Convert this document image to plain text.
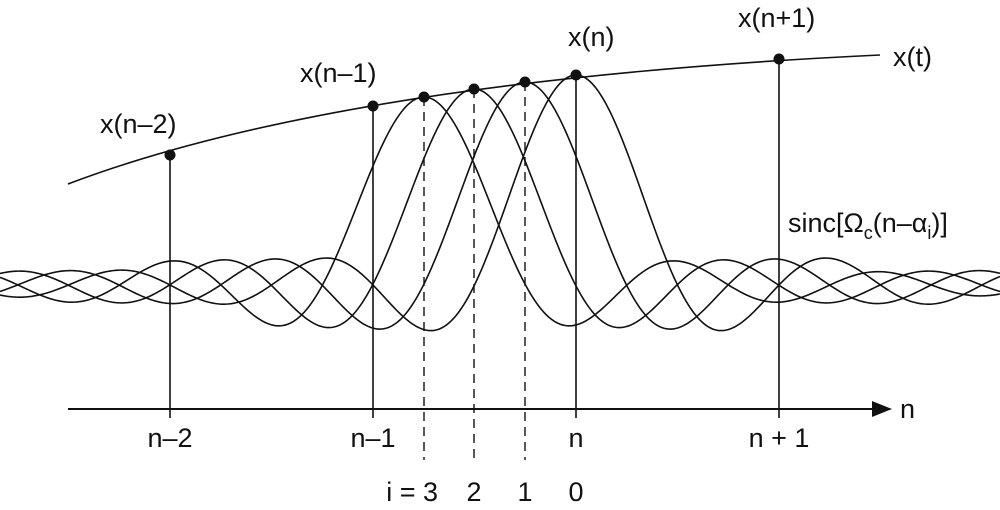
x(t)
x(n–2)
x(n–1)
x(n)
x(n+1)
$\sin c[\Omega_c(n-\alpha_i)]$
n
n–2	n–1	n	n + 1
i = 3 2 1 0
